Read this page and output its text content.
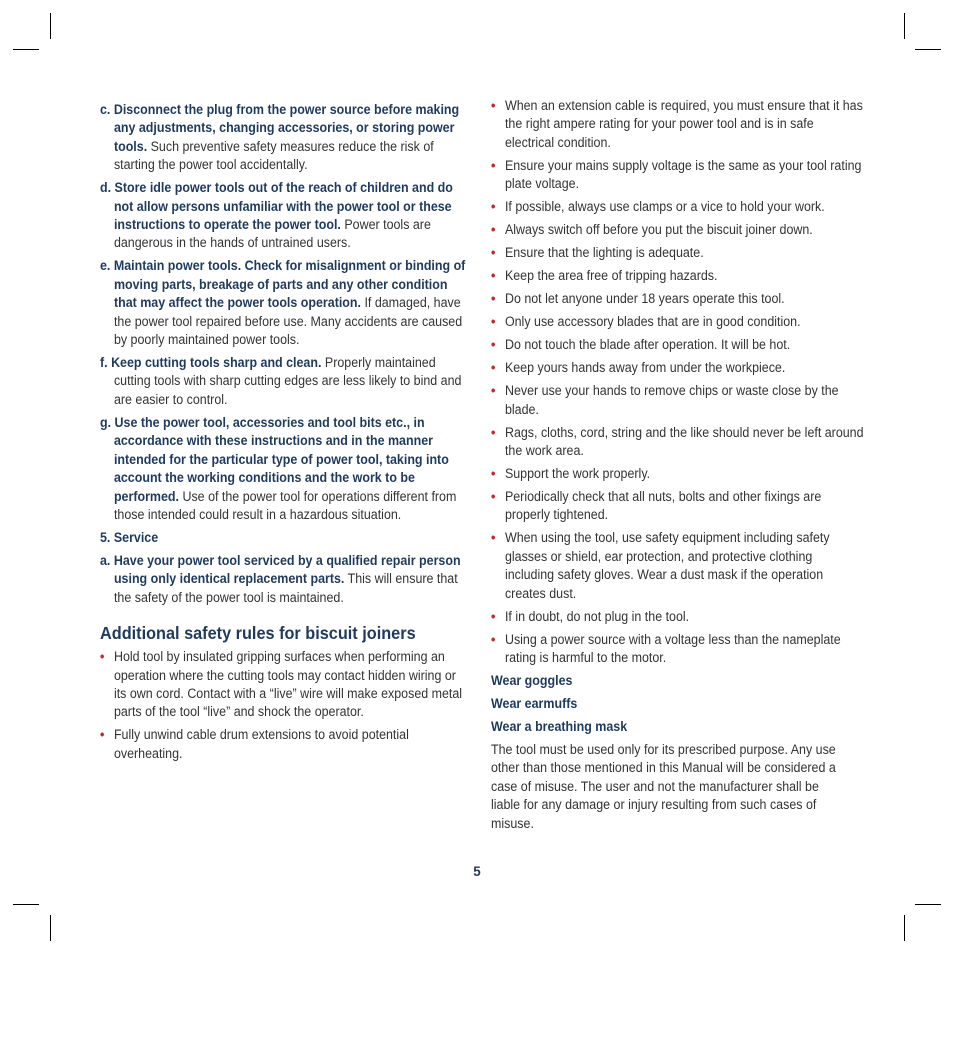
c. Disconnect the plug from the power source before making any adjustments, changing accessories, or storing power tools. Such preventive safety measures reduce the risk of starting the power tool accidentally.

d. Store idle power tools out of the reach of children and do not allow persons unfamiliar with the power tool or these instructions to operate the power tool. Power tools are dangerous in the hands of untrained users.

e. Maintain power tools. Check for misalignment or binding of moving parts, breakage of parts and any other condition that may affect the power tools operation. If damaged, have the power tool repaired before use. Many accidents are caused by poorly maintained power tools.

f. Keep cutting tools sharp and clean. Properly maintained cutting tools with sharp cutting edges are less likely to bind and are easier to control.

g. Use the power tool, accessories and tool bits etc., in accordance with these instructions and in the manner intended for the particular type of power tool, taking into account the working conditions and the work to be performed. Use of the power tool for operations different from those intended could result in a hazardous situation.

5. Service

a. Have your power tool serviced by a qualified repair person using only identical replacement parts. This will ensure that the safety of the power tool is maintained.

Additional safety rules for biscuit joiners
• Hold tool by insulated gripping surfaces when performing an operation where the cutting tools may contact hidden wiring or its own cord. Contact with a “live” wire will make exposed metal parts of the tool “live” and shock the operator.
• Fully unwind cable drum extensions to avoid potential overheating.
• When an extension cable is required, you must ensure that it has the right ampere rating for your power tool and is in safe electrical condition.
• Ensure your mains supply voltage is the same as your tool rating plate voltage.
• If possible, always use clamps or a vice to hold your work.
• Always switch off before you put the biscuit joiner down.
• Ensure that the lighting is adequate.
• Keep the area free of tripping hazards.
• Do not let anyone under 18 years operate this tool.
• Only use accessory blades that are in good condition.
• Do not touch the blade after operation. It will be hot.
• Keep yours hands away from under the workpiece.
• Never use your hands to remove chips or waste close by the blade.
• Rags, cloths, cord, string and the like should never be left around the work area.
• Support the work properly.
• Periodically check that all nuts, bolts and other fixings are properly tightened.
• When using the tool, use safety equipment including safety glasses or shield, ear protection, and protective clothing including safety gloves. Wear a dust mask if the operation creates dust.
• If in doubt, do not plug in the tool.
• Using a power source with a voltage less than the nameplate rating is harmful to the motor.
Wear goggles
Wear earmuffs
Wear a breathing mask

The tool must be used only for its prescribed purpose. Any use other than those mentioned in this Manual will be considered a case of misuse. The user and not the manufacturer shall be liable for any damage or injury resulting from such cases of misuse.

5
